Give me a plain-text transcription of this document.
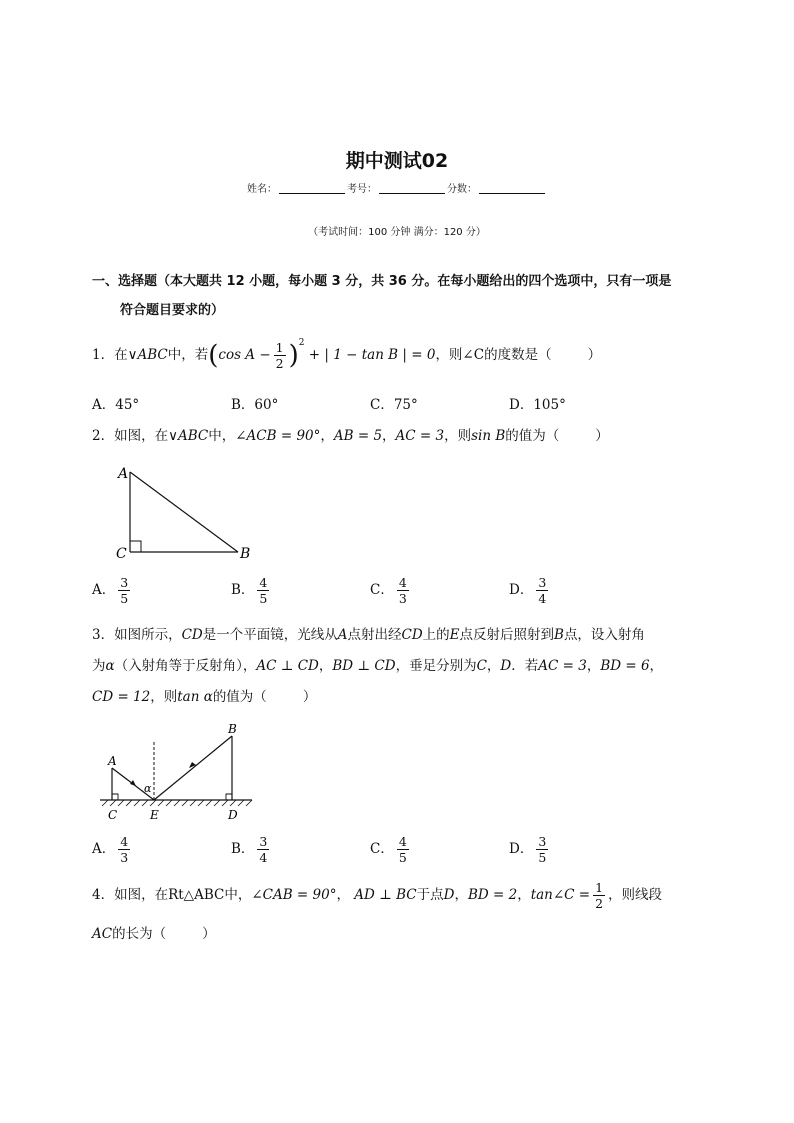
期中测试02
姓名：	考号：	分数：
（考试时间：100 分钟 满分：120 分）
一、选择题（本大题共 12 小题，每小题 3 分，共 36 分。在每小题给出的四个选项中，只有一项是
符合题目要求的）
1．在∨ABC中，若(cos $A - \frac{1}{2} )^2$ + | 1 − tan B | = 0，则∠C的度数是（	）
A．45°	B．60°	C．75°	D．105°
2．如图，在∨ABC中，∠ACB = 90°，AB = 5，AC = 3，则sin B的值为（	）
A
C	B
A． $\frac{3}{5}$	B． $\frac{4}{5}$	C． $\frac{4}{3}$	D． $\frac{3}{4}$
3．如图所示，CD是一个平面镜，光线从A点射出经CD上的E点反射后照射到B点，设入射角
为α（入射角等于反射角），AC ⊥ CD，BD ⊥ CD，垂足分别为C，D．若AC = 3，BD = 6，
CD = 12，则tan α的值为（	）
A
B
C	E	D
α
A． $\frac{4}{3}$	B． $\frac{3}{4}$	C． $\frac{4}{5}$	D． $\frac{3}{5}$
4．如图，在Rt△ABC中，∠CAB = 90°， AD ⊥ BC于点D，BD = 2，tan∠C = $\frac{1}{2}$ ，则线段
AC的长为（	）
